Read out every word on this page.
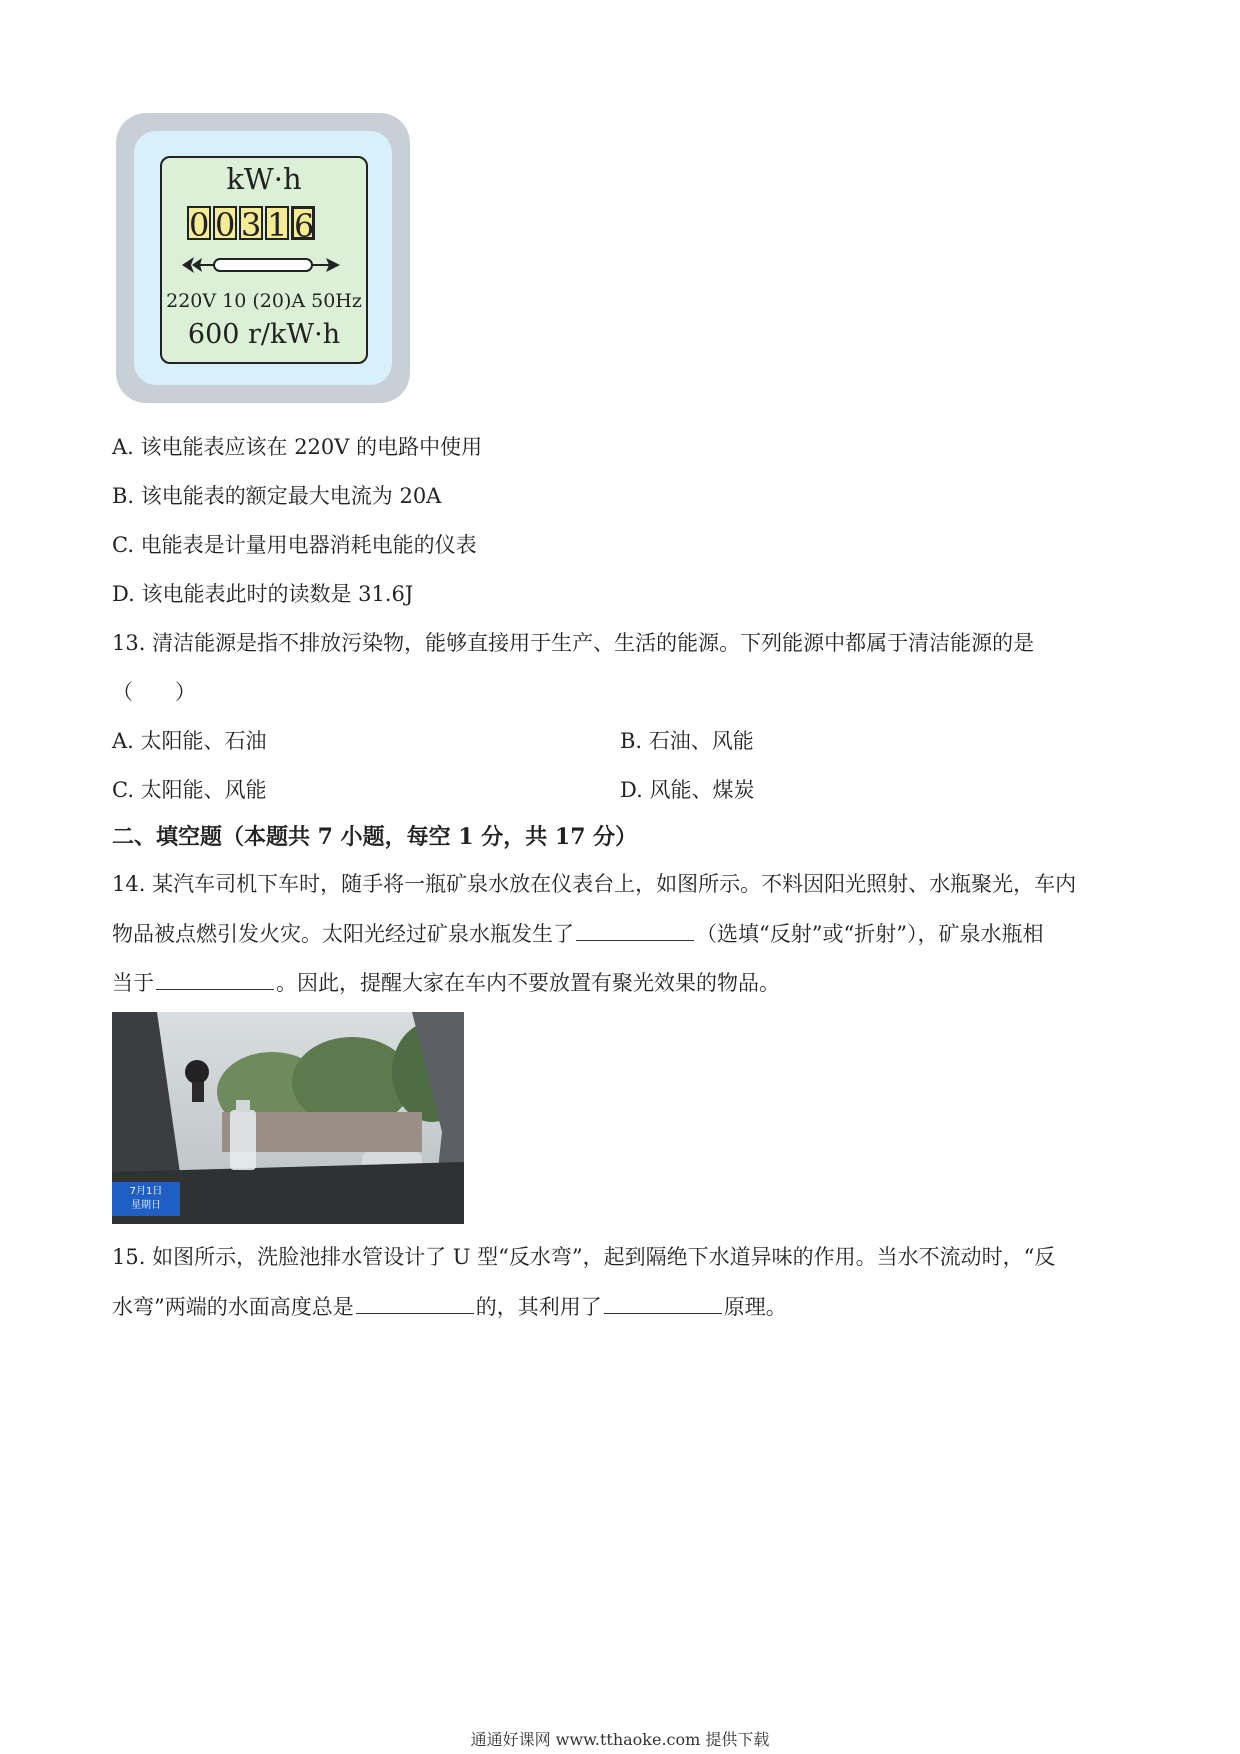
kW·h
0 0 3 1 6
220V 10 (20)A 50Hz
600 r/kW·h
A. 该电能表应该在 220V 的电路中使用
B. 该电能表的额定最大电流为 20A
C. 电能表是计量用电器消耗电能的仪表
D. 该电能表此时的读数是 31.6J
13. 清洁能源是指不排放污染物，能够直接用于生产、生活的能源。下列能源中都属于清洁能源的是
（　　）
A. 太阳能、石油	B. 石油、风能
C. 太阳能、风能	D. 风能、煤炭
二、填空题（本题共 7 小题，每空 1 分，共 17 分）
14. 某汽车司机下车时，随手将一瓶矿泉水放在仪表台上，如图所示。不料因阳光照射、水瓶聚光，车内
物品被点燃引发火灾。太阳光经过矿泉水瓶发生了	（选填“反射”或“折射”），矿泉水瓶相
当于	。因此，提醒大家在车内不要放置有聚光效果的物品。
7月1日
星期日
15. 如图所示，洗脸池排水管设计了 U 型“反水弯”，起到隔绝下水道异味的作用。当水不流动时，“反
水弯”两端的水面高度总是	的，其利用了	原理。
通通好课网 www.tthaoke.com 提供下载
